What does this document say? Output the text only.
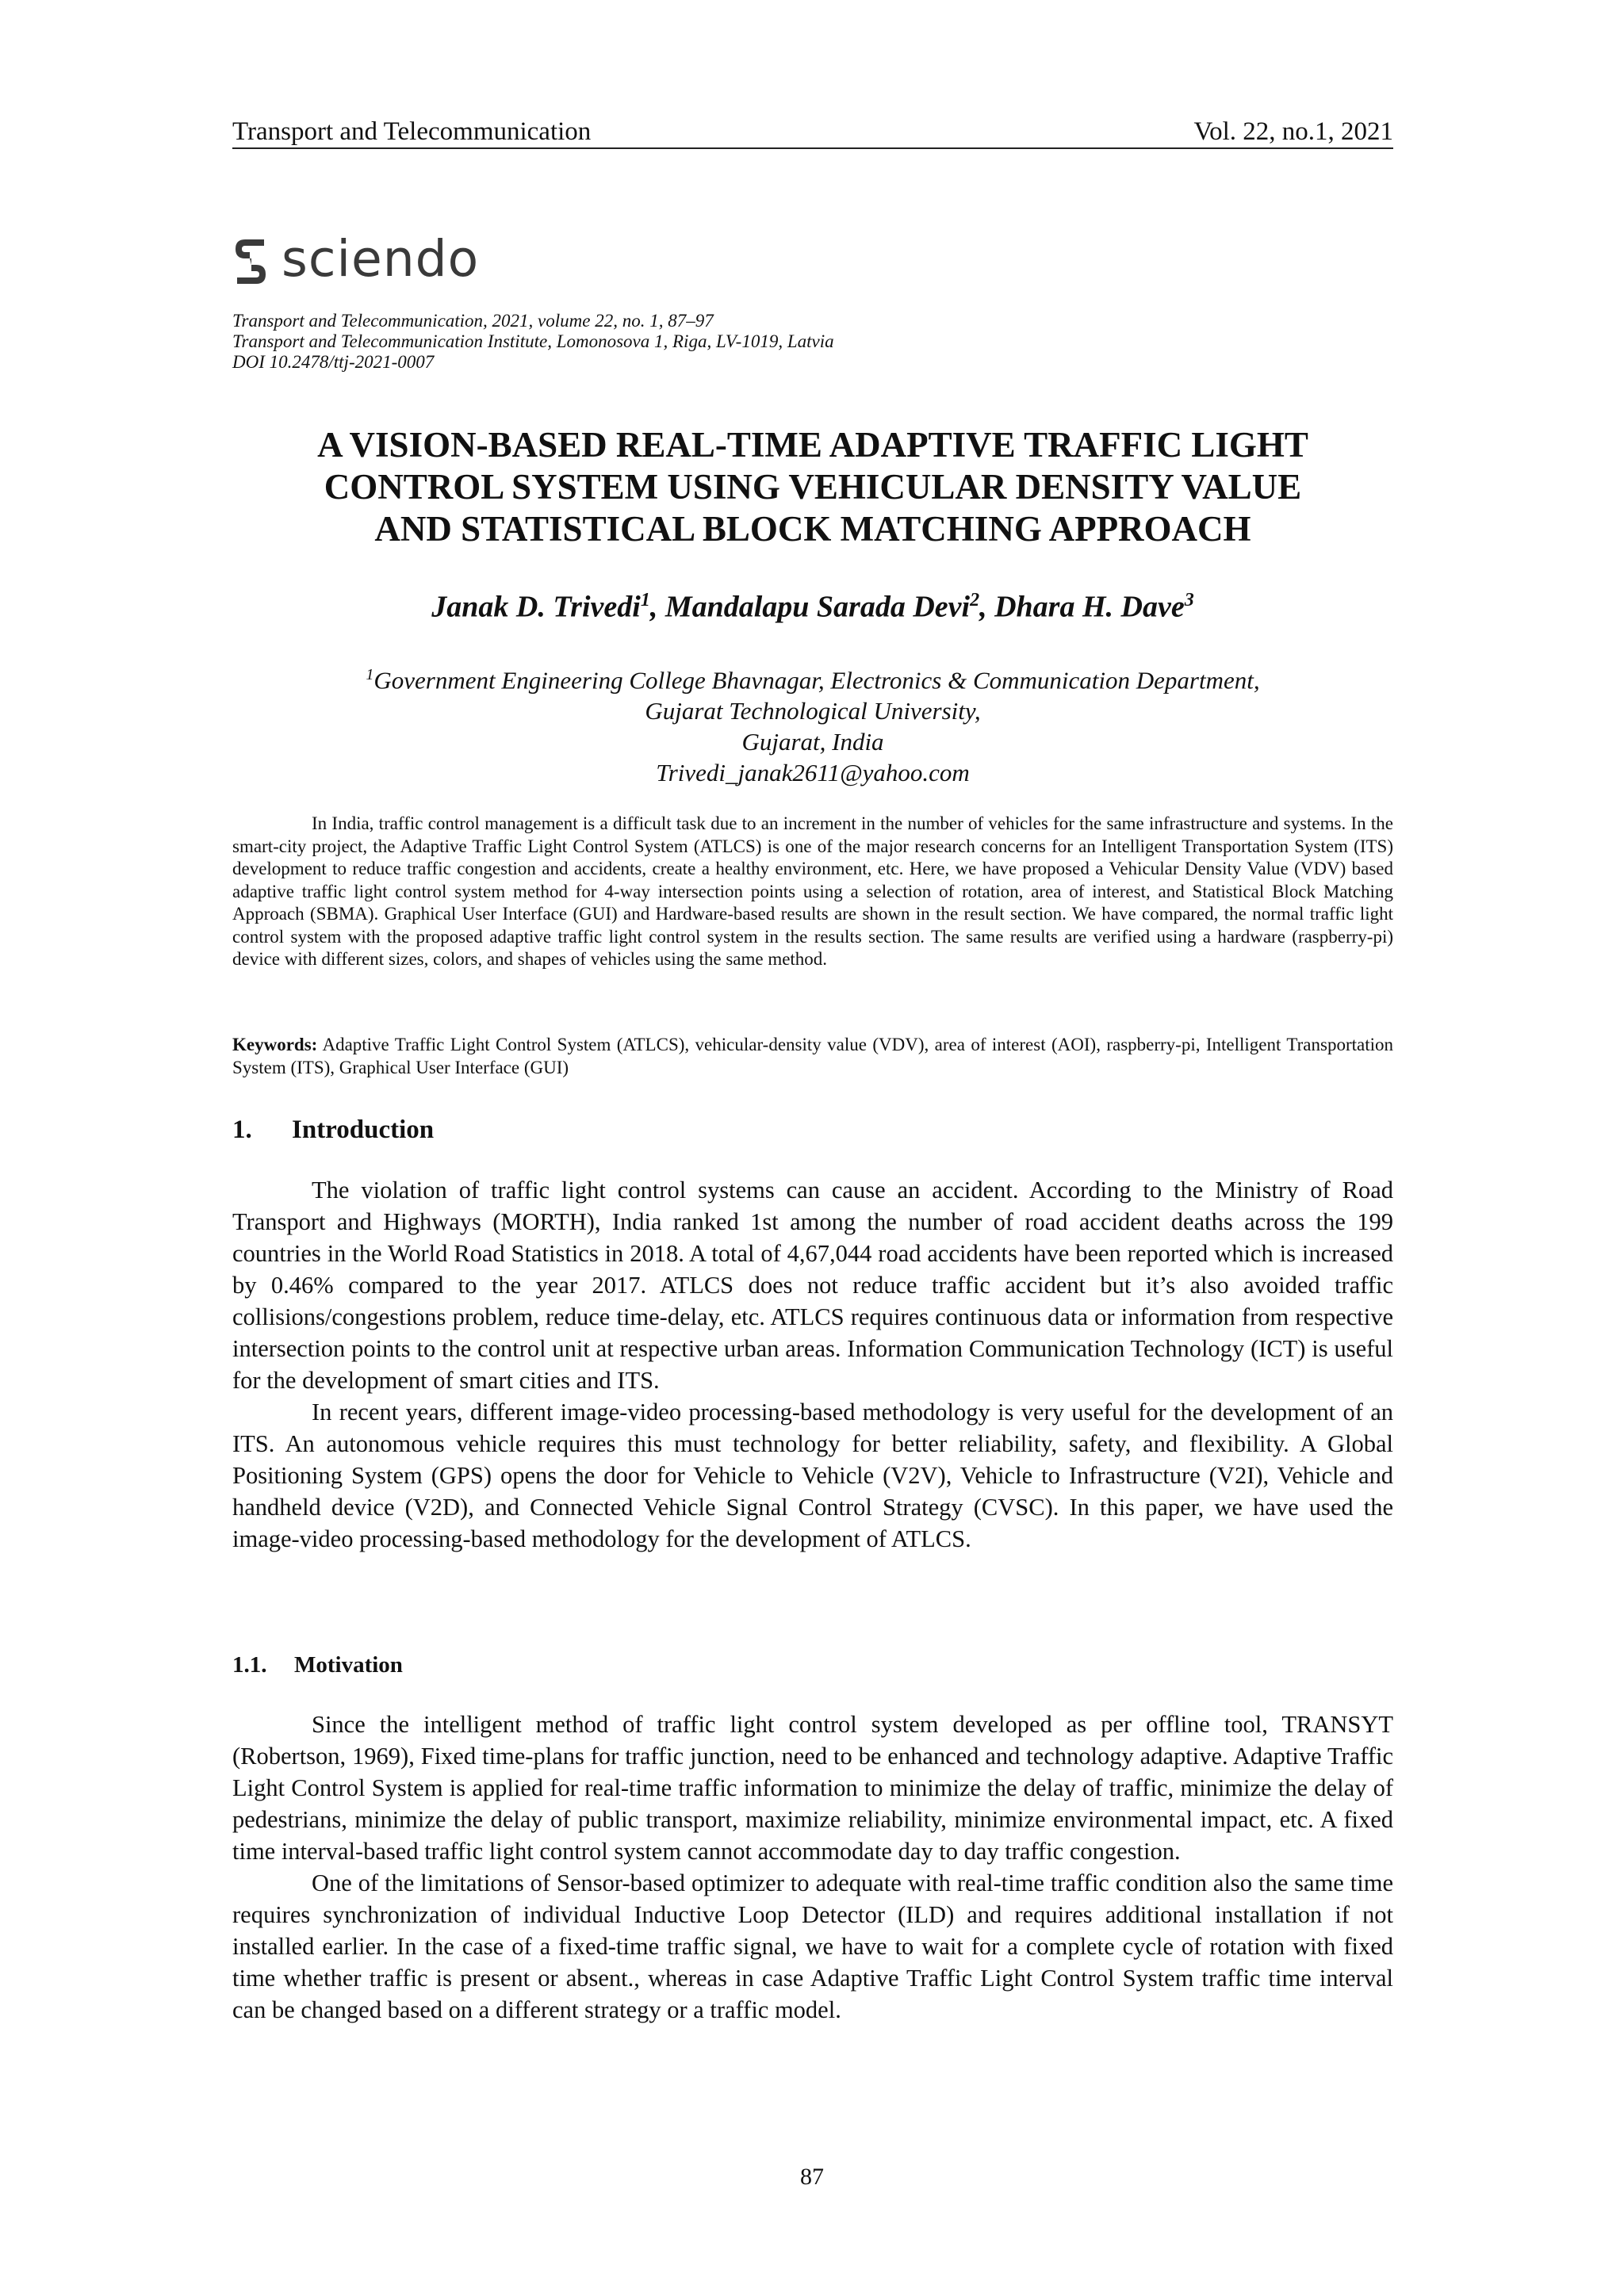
Transport and Telecommunication	Vol. 22, no.1, 2021
sciendo
Transport and Telecommunication, 2021, volume 22, no. 1, 87–97
Transport and Telecommunication Institute, Lomonosova 1, Riga, LV-1019, Latvia
DOI 10.2478/ttj-2021-0007
A VISION-BASED REAL-TIME ADAPTIVE TRAFFIC LIGHT
CONTROL SYSTEM USING VEHICULAR DENSITY VALUE
AND STATISTICAL BLOCK MATCHING APPROACH
Janak D. Trivedi$^1$, Mandalapu Sarada Devi$^2$, Dhara H. Dave$^3$
$^1$Government Engineering College Bhavnagar, Electronics & Communication Department,
Gujarat Technological University,
Gujarat, India
Trivedi_janak2611@yahoo.com
In India, traffic control management is a difficult task due to an increment in the number of vehicles for the same infrastructure and systems. In the smart-city project, the Adaptive Traffic Light Control System (ATLCS) is one of the major research concerns for an Intelligent Transportation System (ITS) development to reduce traffic congestion and accidents, create a healthy environment, etc. Here, we have proposed a Vehicular Density Value (VDV) based adaptive traffic light control system method for 4-way intersection points using a selection of rotation, area of interest, and Statistical Block Matching Approach (SBMA). Graphical User Interface (GUI) and Hardware-based results are shown in the result section. We have compared, the normal traffic light control system with the proposed adaptive traffic light control system in the results section. The same results are verified using a hardware (raspberry-pi) device with different sizes, colors, and shapes of vehicles using the same method.
Keywords: Adaptive Traffic Light Control System (ATLCS), vehicular-density value (VDV), area of interest (AOI), raspberry-pi, Intelligent Transportation System (ITS), Graphical User Interface (GUI)
1. Introduction

The violation of traffic light control systems can cause an accident. According to the Ministry of Road Transport and Highways (MORTH), India ranked 1st among the number of road accident deaths across the 199 countries in the World Road Statistics in 2018. A total of 4,67,044 road accidents have been reported which is increased by 0.46% compared to the year 2017. ATLCS does not reduce traffic accident but it’s also avoided traffic collisions/congestions problem, reduce time-delay, etc. ATLCS requires continuous data or information from respective intersection points to the control unit at respective urban areas. Information Communication Technology (ICT) is useful for the development of smart cities and ITS.

In recent years, different image-video processing-based methodology is very useful for the development of an ITS. An autonomous vehicle requires this must technology for better reliability, safety, and flexibility. A Global Positioning System (GPS) opens the door for Vehicle to Vehicle (V2V), Vehicle to Infrastructure (V2I), Vehicle and handheld device (V2D), and Connected Vehicle Signal Control Strategy (CVSC). In this paper, we have used the image-video processing-based methodology for the development of ATLCS.

1.1. Motivation

Since the intelligent method of traffic light control system developed as per offline tool, TRANSYT (Robertson, 1969), Fixed time-plans for traffic junction, need to be enhanced and technology adaptive. Adaptive Traffic Light Control System is applied for real-time traffic information to minimize the delay of traffic, minimize the delay of pedestrians, minimize the delay of public transport, maximize reliability, minimize environmental impact, etc. A fixed time interval-based traffic light control system cannot accommodate day to day traffic congestion.

One of the limitations of Sensor-based optimizer to adequate with real-time traffic condition also the same time requires synchronization of individual Inductive Loop Detector (ILD) and requires additional installation if not installed earlier. In the case of a fixed-time traffic signal, we have to wait for a complete cycle of rotation with fixed time whether traffic is present or absent., whereas in case Adaptive Traffic Light Control System traffic time interval can be changed based on a different strategy or a traffic model.

87
